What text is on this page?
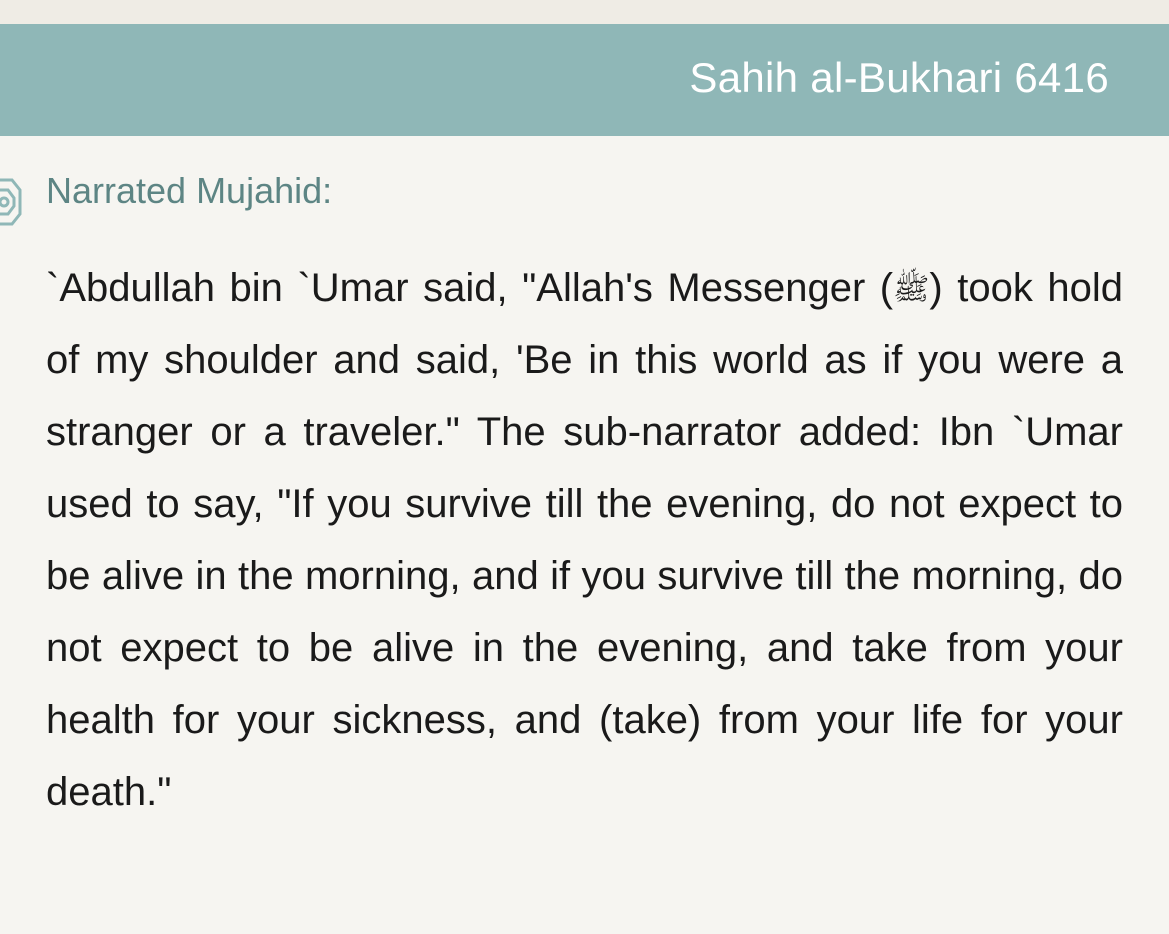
Sahih al-Bukhari 6416
Narrated Mujahid:

`Abdullah bin `Umar said, "Allah's Messenger (ﷺ) took hold of my shoulder and said, 'Be in this world as if you were a stranger or a traveler." The sub-narrator added: Ibn `Umar used to say, "If you survive till the evening, do not expect to be alive in the morning, and if you survive till the morning, do not expect to be alive in the evening, and take from your health for your sickness, and (take) from your life for your death."
